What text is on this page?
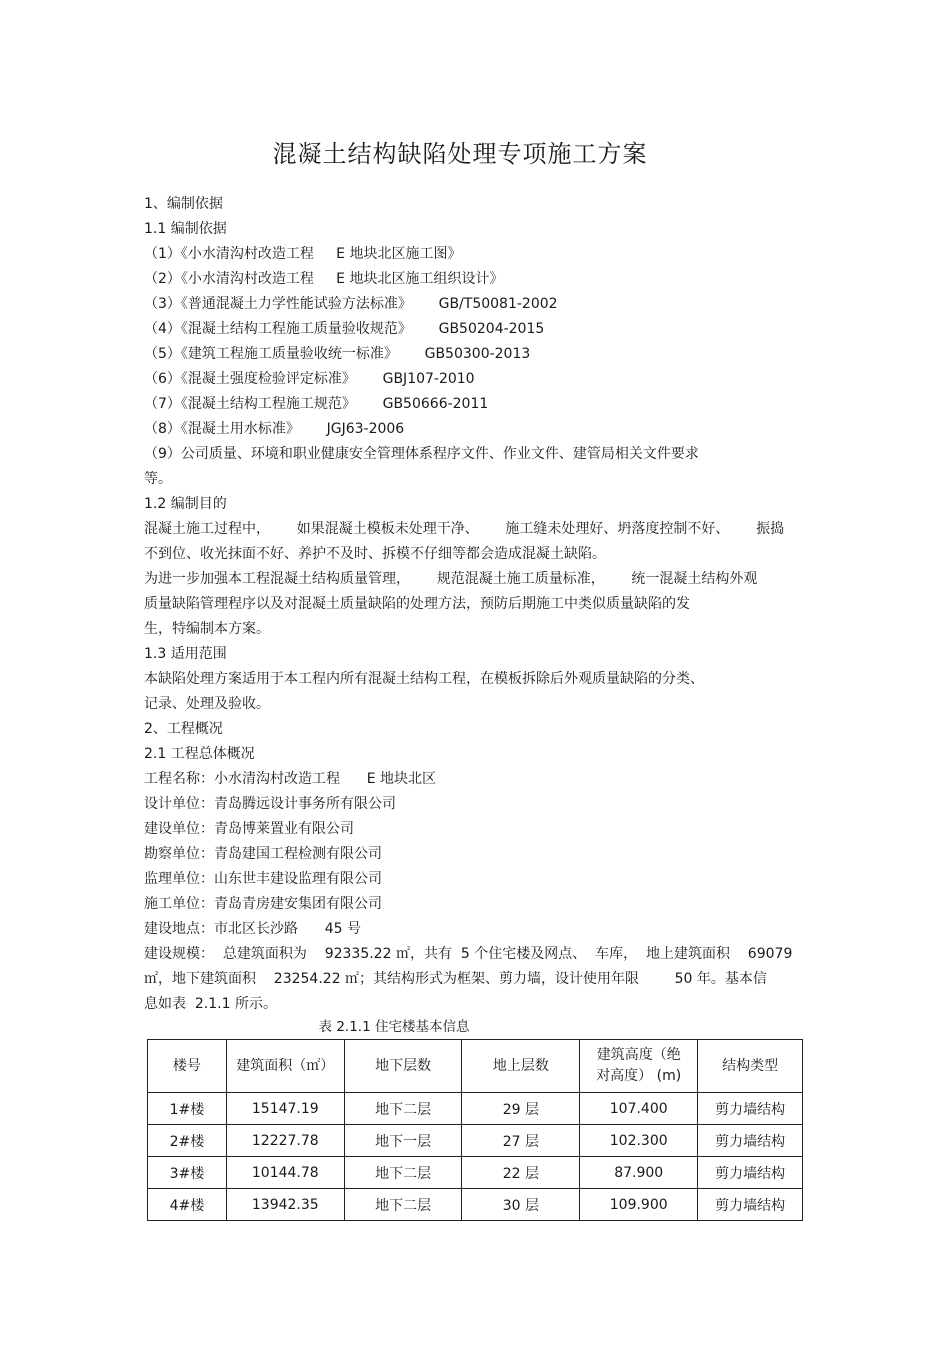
混凝土结构缺陷处理专项施工方案
1、编制依据
1.1 编制依据
（1）《小水清沟村改造工程     E 地块北区施工图》
（2）《小水清沟村改造工程     E 地块北区施工组织设计》
（3）《普通混凝土力学性能试验方法标准》      GB/T50081-2002
（4）《混凝土结构工程施工质量验收规范》      GB50204-2015
（5）《建筑工程施工质量验收统一标准》      GB50300-2013
（6）《混凝土强度检验评定标准》      GBJ107-2010
（7）《混凝土结构工程施工规范》      GB50666-2011
（8）《混凝土用水标准》      JGJ63-2006
（9）公司质量、环境和职业健康安全管理体系程序文件、作业文件、建管局相关文件要求
等。
1.2 编制目的
混凝土施工过程中，      如果混凝土模板未处理干净、      施工缝未处理好、坍落度控制不好、      振捣
不到位、收光抹面不好、养护不及时、拆模不仔细等都会造成混凝土缺陷。
为进一步加强本工程混凝土结构质量管理，      规范混凝土施工质量标准，      统一混凝土结构外观
质量缺陷管理程序以及对混凝土质量缺陷的处理方法，预防后期施工中类似质量缺陷的发
生，特编制本方案。
1.3 适用范围
本缺陷处理方案适用于本工程内所有混凝土结构工程，在模板拆除后外观质量缺陷的分类、
记录、处理及验收。
2、工程概况
2.1 工程总体概况
工程名称：小水清沟村改造工程      E 地块北区
设计单位：青岛腾远设计事务所有限公司
建设单位：青岛博莱置业有限公司
勘察单位：青岛建国工程检测有限公司
监理单位：山东世丰建设监理有限公司
施工单位：青岛青房建安集团有限公司
建设地点：市北区长沙路      45 号
建设规模：  总建筑面积为    92335.22 ㎡，共有  5 个住宅楼及网点、  车库，  地上建筑面积    69079
㎡，地下建筑面积    23254.22 ㎡；其结构形式为框架、剪力墙，设计使用年限        50 年。基本信
息如表  2.1.1 所示。
表 2.1.1 住宅楼基本信息
楼号	建筑面积（㎡）	地下层数	地上层数	建筑高度（绝对高度） (m)	结构类型
1#楼	15147.19	地下二层	29 层	107.400	剪力墙结构
2#楼	12227.78	地下一层	27 层	102.300	剪力墙结构
3#楼	10144.78	地下二层	22 层	87.900	剪力墙结构
4#楼	13942.35	地下二层	30 层	109.900	剪力墙结构
